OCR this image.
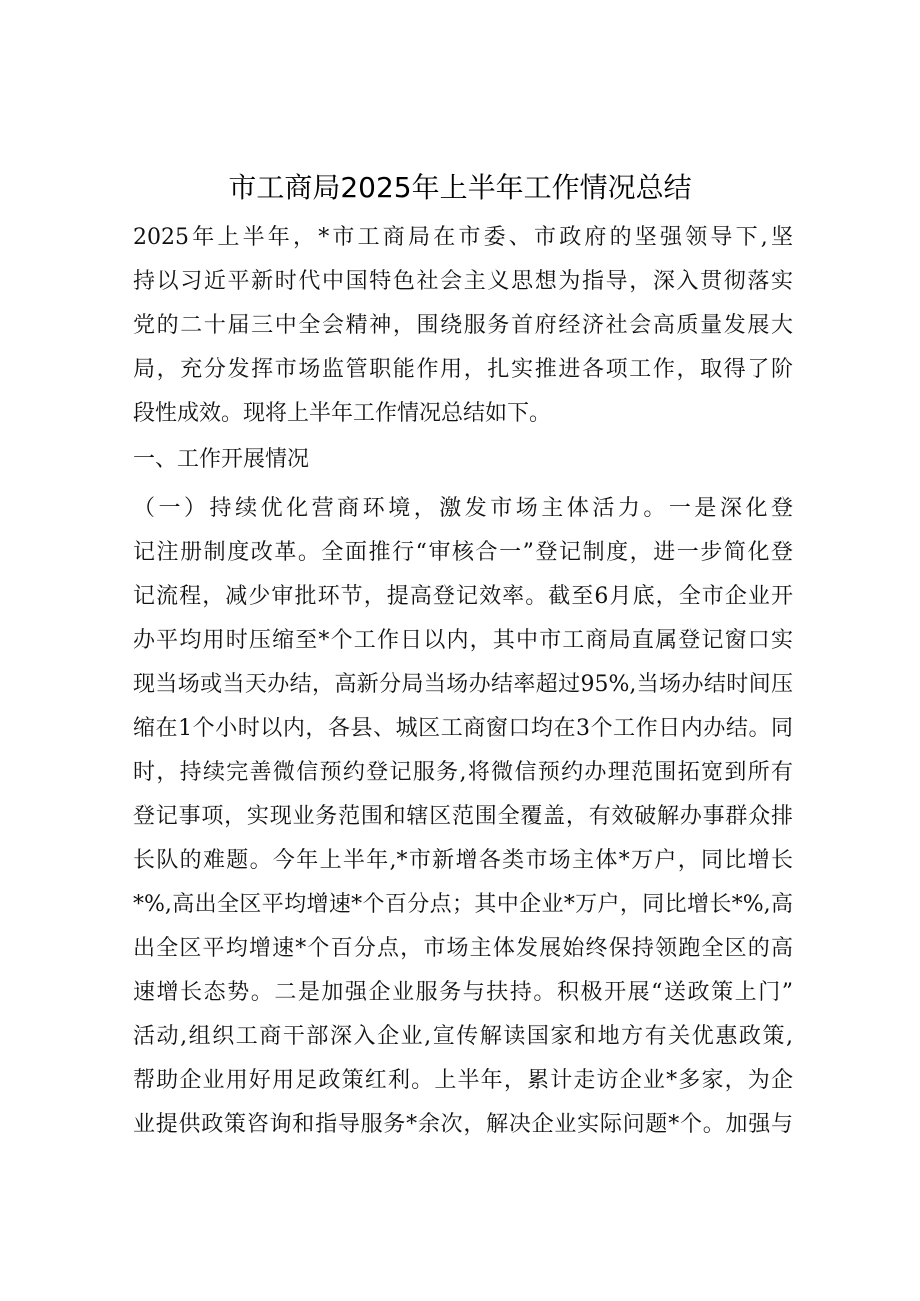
市工商局2025年上半年工作情况总结
2025年上半年，*市工商局在市委、市政府的坚强领导下,坚
持以习近平新时代中国特色社会主义思想为指导，深入贯彻落实
党的二十届三中全会精神，围绕服务首府经济社会高质量发展大
局，充分发挥市场监管职能作用，扎实推进各项工作，取得了阶
段性成效。现将上半年工作情况总结如下。
一、工作开展情况
（一）持续优化营商环境，激发市场主体活力。一是深化登
记注册制度改革。全面推行“审核合一”登记制度，进一步简化登
记流程，减少审批环节，提高登记效率。截至6月底，全市企业开
办平均用时压缩至*个工作日以内，其中市工商局直属登记窗口实
现当场或当天办结，高新分局当场办结率超过95%,当场办结时间压
缩在1个小时以内，各县、城区工商窗口均在3个工作日内办结。同
时，持续完善微信预约登记服务,将微信预约办理范围拓宽到所有
登记事项，实现业务范围和辖区范围全覆盖，有效破解办事群众排
长队的难题。今年上半年,*市新增各类市场主体*万户，同比增长
*%,高出全区平均增速*个百分点；其中企业*万户，同比增长*%,高
出全区平均增速*个百分点，市场主体发展始终保持领跑全区的高
速增长态势。二是加强企业服务与扶持。积极开展“送政策上门”
活动,组织工商干部深入企业,宣传解读国家和地方有关优惠政策,
帮助企业用好用足政策红利。上半年，累计走访企业*多家，为企
业提供政策咨询和指导服务*余次，解决企业实际问题*个。加强与
